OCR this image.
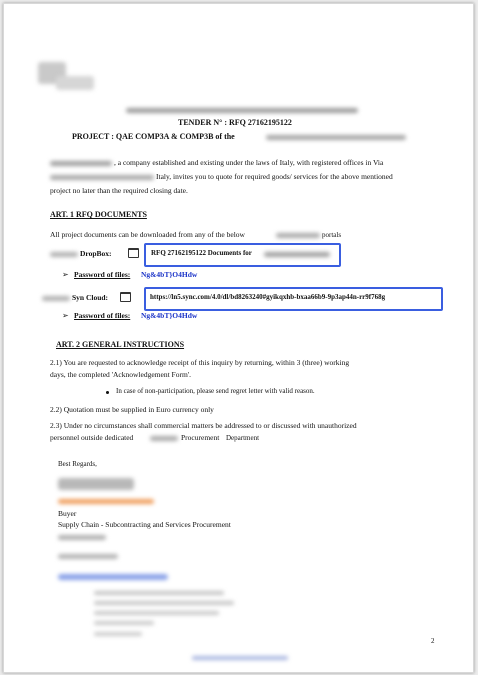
TENDER N° : RFQ 27162195122
PROJECT : QAE COMP3A & COMP3B of the
, a company established and existing under the laws of Italy, with registered offices in Via
Italy, invites you to quote for required goods/ services for the above mentioned
project no later than the required closing date.
ART. 1 RFQ DOCUMENTS
All project documents can be downloaded from any of the below	portals
DropBox:	RFQ 27162195122 Documents for
➢ Password of files: Ng&4bT}O4Hdw
Syn Cloud:	https://ln5.sync.com/4.0/dl/bd8263240#gyikqxhb-bxaa66b9-9p3ap44n-rr9f768g
➢ Password of files: Ng&4bT}O4Hdw
ART. 2 GENERAL INSTRUCTIONS
2.1) You are requested to acknowledge receipt of this inquiry by returning, within 3 (three) working
days, the completed 'Acknowledgement Form'.
In case of non-participation, please send regret letter with valid reason.
2.2) Quotation must be supplied in Euro currency only
2.3) Under no circumstances shall commercial matters be addressed to or discussed with unauthorized
personnel outside dedicated	Procurement Department
Best Regards,
Buyer
Supply Chain - Subcontracting and Services Procurement
2
